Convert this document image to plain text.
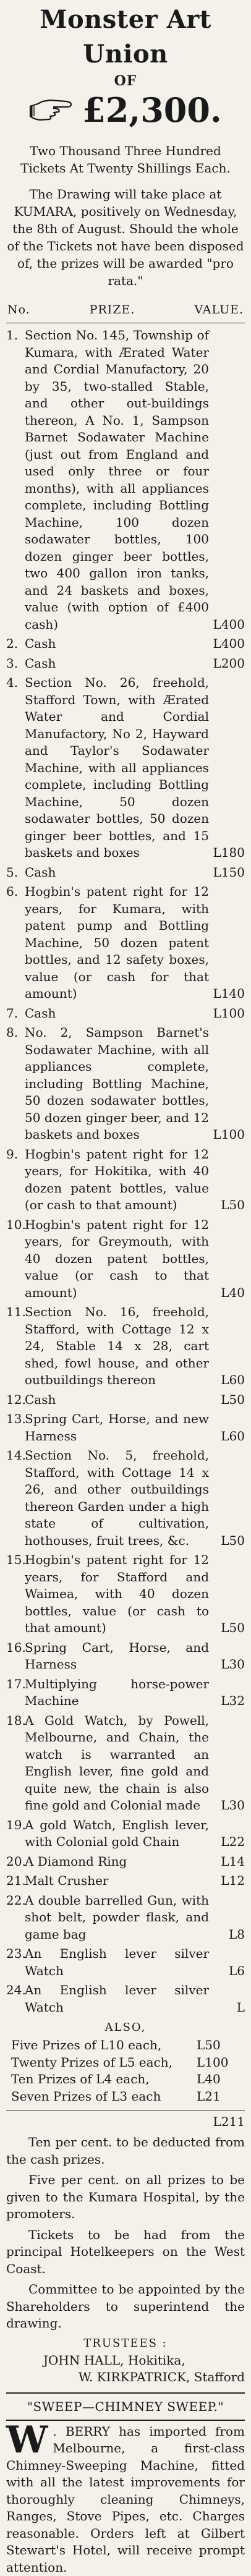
Monster Art Union
OF
£2,300.

Two Thousand Three Hundred Tickets At Twenty Shillings Each.

The Drawing will take place at KUMARA, positively on Wednesday, the 8th of August. Should the whole of the Tickets not have been disposed of, the prizes will be awarded "pro rata."

No.	PRIZE.	VALUE.
1. Section No. 145, Township of Kumara, with Ærated Water and Cordial Manufactory, 20 by 35, two-stalled Stable, and other out-buildings thereon, A No. 1, Sampson Barnet Sodawater Machine (just out from England and used only three or four months), with all appliances complete, including Bottling Machine, 100 dozen sodawater bottles, 100 dozen ginger beer bottles, two 400 gallon iron tanks, and 24 baskets and boxes, value (with option of £400 cash)	L400
2. Cash	L400
3. Cash	L200
4. Section No. 26, freehold, Stafford Town, with Ærated Water and Cordial Manufactory, No 2, Hayward and Taylor's Sodawater Machine, with all appliances complete, including Bottling Machine, 50 dozen sodawater bottles, 50 dozen ginger beer bottles, and 15 baskets and boxes	L180
5. Cash	L150
6. Hogbin's patent right for 12 years, for Kumara, with patent pump and Bottling Machine, 50 dozen patent bottles, and 12 safety boxes, value (or cash for that amount)	L140
7. Cash	L100
8. No. 2, Sampson Barnet's Sodawater Machine, with all appliances complete, including Bottling Machine, 50 dozen sodawater bottles, 50 dozen ginger beer, and 12 baskets and boxes	L100
9. Hogbin's patent right for 12 years, for Hokitika, with 40 dozen patent bottles, value (or cash to that amount)	L50
10.
Hogbin's patent right for 12 years, for Greymouth, with 40 dozen patent bottles, value (or cash to that amount)	L40
11.
Section No. 16, freehold, Stafford, with Cottage 12 x 24, Stable 14 x 28, cart shed, fowl house, and other outbuildings thereon	L60
12.
Cash	L50
13.
Spring Cart, Horse, and new Harness	L60
14.
Section No. 5, freehold, Stafford, with Cottage 14 x 26, and other outbuildings thereon Garden under a high state of cultivation, hothouses, fruit trees, &c.	L50
15.
Hogbin's patent right for 12 years, for Stafford and Waimea, with 40 dozen bottles, value (or cash to that amount)	L50
16.
Spring Cart, Horse, and Harness	L30
17.
Multiplying horse-power Machine	L32
18.
A Gold Watch, by Powell, Melbourne, and Chain, the watch is warranted an English lever, fine gold and quite new, the chain is also fine gold and Colonial made	L30
19.
A gold Watch, English lever, with Colonial gold Chain	L22
20.
A Diamond Ring	L14
21.
Malt Crusher	L12
22.
A double barrelled Gun, with shot belt, powder flask, and game bag	L8
23.
An English lever silver Watch	L6
24.
An English lever silver Watch	L
ALSO,
Five Prizes of L10 each,	L50
Twenty Prizes of L5 each,	L100
Ten Prizes of L4 each,	L40
Seven Prizes of L3 each	L21
L211

Ten per cent. to be deducted from the cash prizes.

Five per cent. on all prizes to be given to the Kumara Hospital, by the promoters.

Tickets to be had from the principal Hotelkeepers on the West Coast.

Committee to be appointed by the Shareholders to superintend the drawing.

TRUSTEES :
JOHN HALL, Hokitika,
W. KIRKPATRICK, Stafford
"SWEEP—CHIMNEY SWEEP."

W . BERRY has imported from Melbourne, a first-class Chimney-Sweeping Machine, fitted with all the latest improvements for thoroughly cleaning Chimneys, Ranges, Stove Pipes, etc. Charges reasonable. Orders left at Gilbert Stewart's Hotel, will receive prompt attention.
